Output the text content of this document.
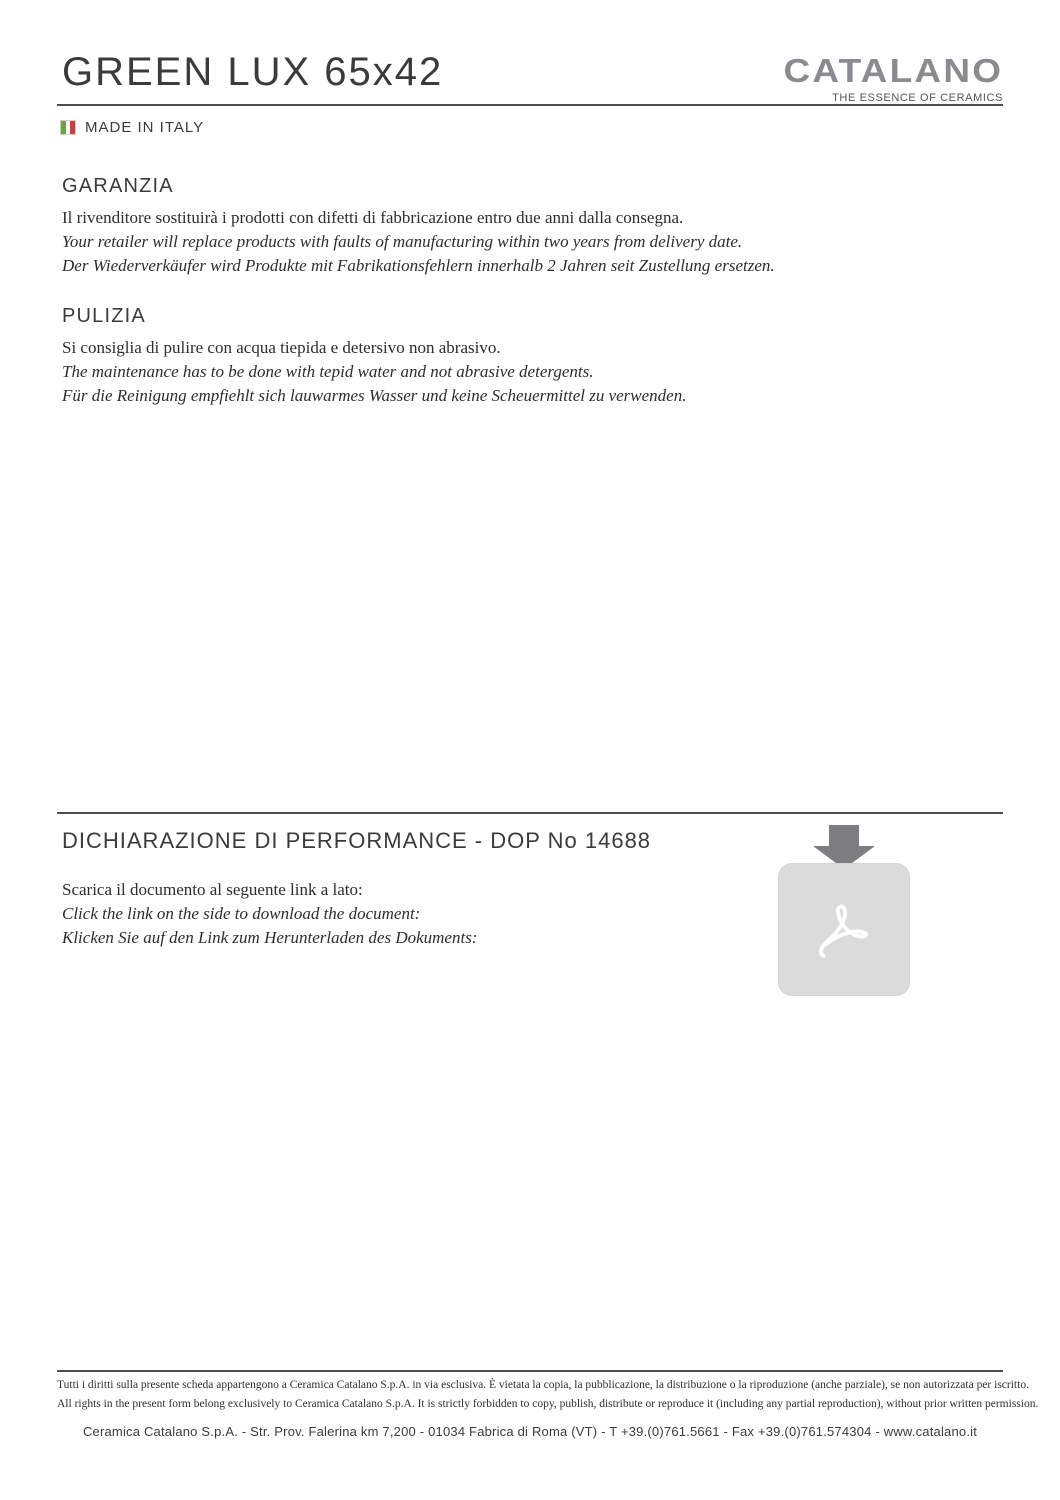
GREEN LUX 65x42	CATALANO
THE ESSENCE OF CERAMICS
MADE IN ITALY
GARANZIA
Il rivenditore sostituirà i prodotti con difetti di fabbricazione entro due anni dalla consegna.
Your retailer will replace products with faults of manufacturing within two years from delivery date.
Der Wiederverkäufer wird Produkte mit Fabrikationsfehlern innerhalb 2 Jahren seit Zustellung ersetzen.
PULIZIA
Si consiglia di pulire con acqua tiepida e detersivo non abrasivo.
The maintenance has to be done with tepid water and not abrasive detergents.
Für die Reinigung empfiehlt sich lauwarmes Wasser und keine Scheuermittel zu verwenden.
DICHIARAZIONE DI PERFORMANCE - DOP No 14688
Scarica il documento al seguente link a lato:
Click the link on the side to download the document:
Klicken Sie auf den Link zum Herunterladen des Dokuments:
Tutti i diritti sulla presente scheda appartengono a Ceramica Catalano S.p.A. in via esclusiva. È vietata la copia, la pubblicazione, la distribuzione o la riproduzione (anche parziale), se non autorizzata per iscritto.
All rights in the present form belong exclusively to Ceramica Catalano S.p.A. It is strictly forbidden to copy, publish, distribute or reproduce it (including any partial reproduction), without prior written permission.
Ceramica Catalano S.p.A. - Str. Prov. Falerina km 7,200 - 01034 Fabrica di Roma (VT) - T +39.(0)761.5661 - Fax +39.(0)761.574304 - www.catalano.it
